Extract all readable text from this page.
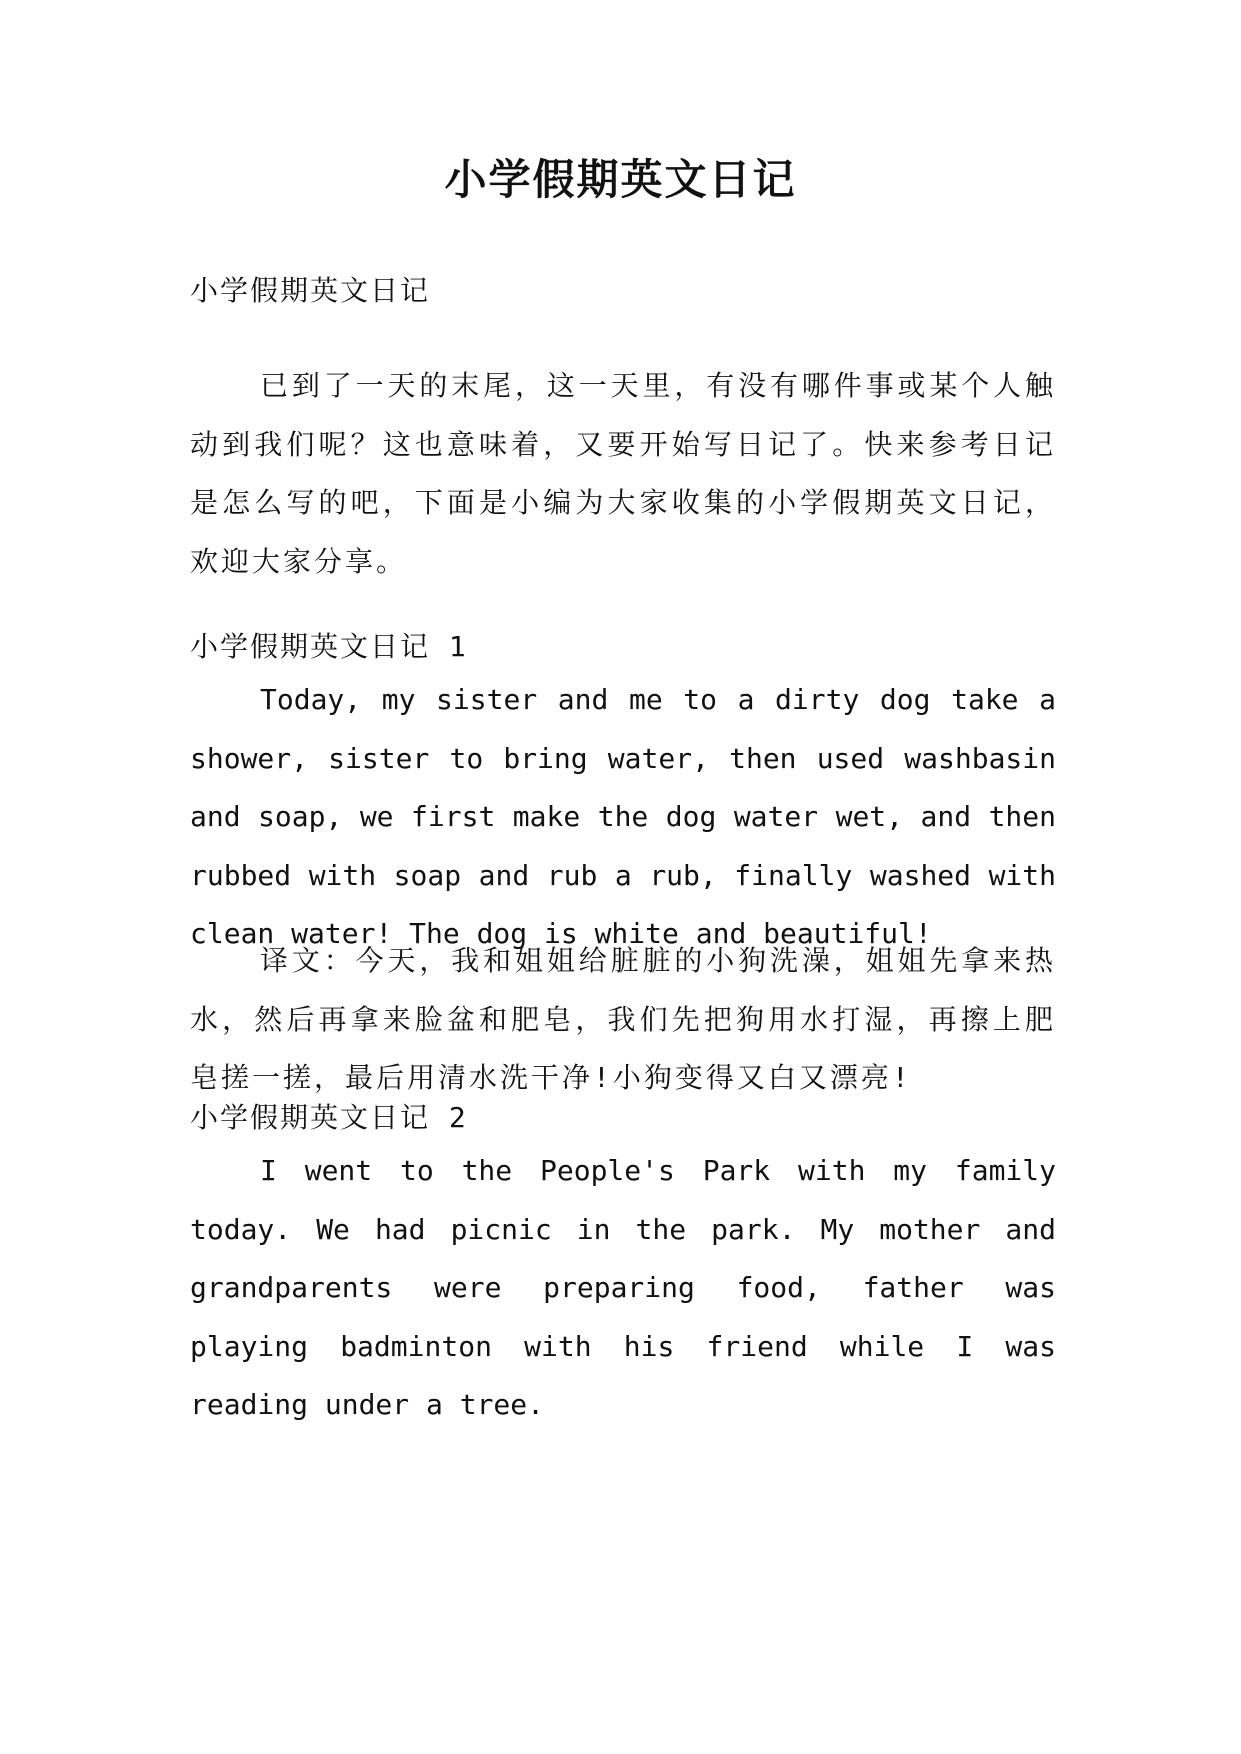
小学假期英文日记

小学假期英文日记

已到了一天的末尾，这一天里，有没有哪件事或某个人触动到我们呢？这也意味着，又要开始写日记了。快来参考日记是怎么写的吧，下面是小编为大家收集的小学假期英文日记，欢迎大家分享。

小学假期英文日记 1

Today, my sister and me to a dirty dog take a shower, sister to bring water, then used washbasin and soap, we first make the dog water wet, and then rubbed with soap and rub a rub, finally washed with clean water! The dog is white and beautiful!

译文：今天，我和姐姐给脏脏的小狗洗澡，姐姐先拿来热水，然后再拿来脸盆和肥皂，我们先把狗用水打湿，再擦上肥皂搓一搓，最后用清水洗干净!小狗变得又白又漂亮!

小学假期英文日记 2

I went to the People's Park with my family today. We had picnic in the park. My mother and grandparents were preparing food, father was playing badminton with his friend while I was reading under a tree.
